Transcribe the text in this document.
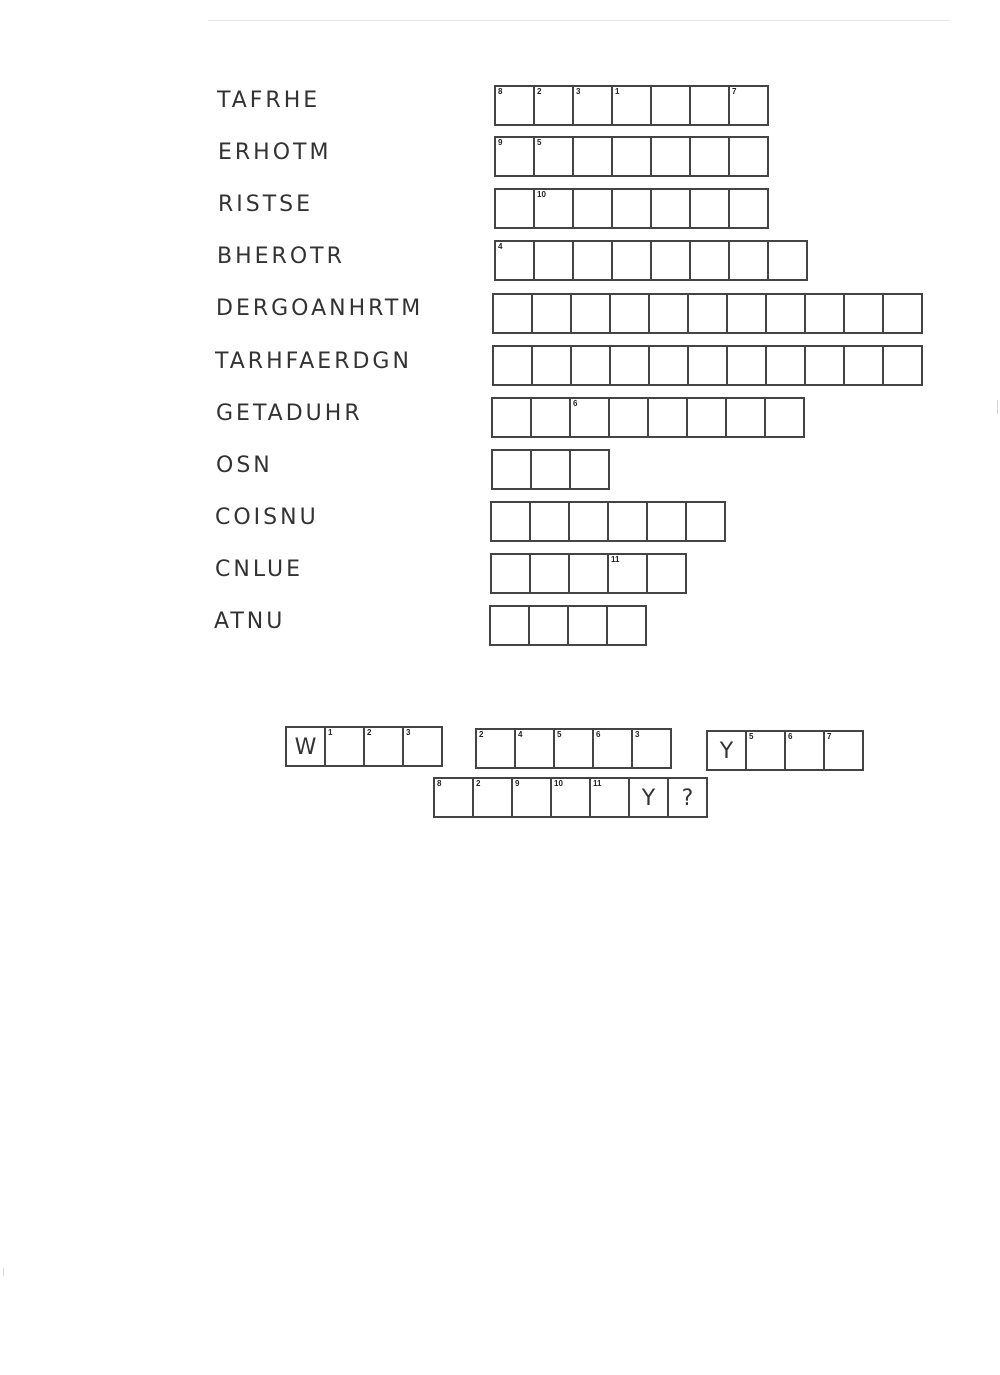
TAFRHE	8	2	3	1	7
ERHOTM	9	5
RISTSE	10
BHEROTR	4
DERGOANHRTM
TARHFAERDGN
GETADUHR	6
OSN
COISNU
CNLUE	11
ATNU
W
1	2	3	2	4	5	6	3
Y
5	6	7
8	2	9	10	11
Y	?
